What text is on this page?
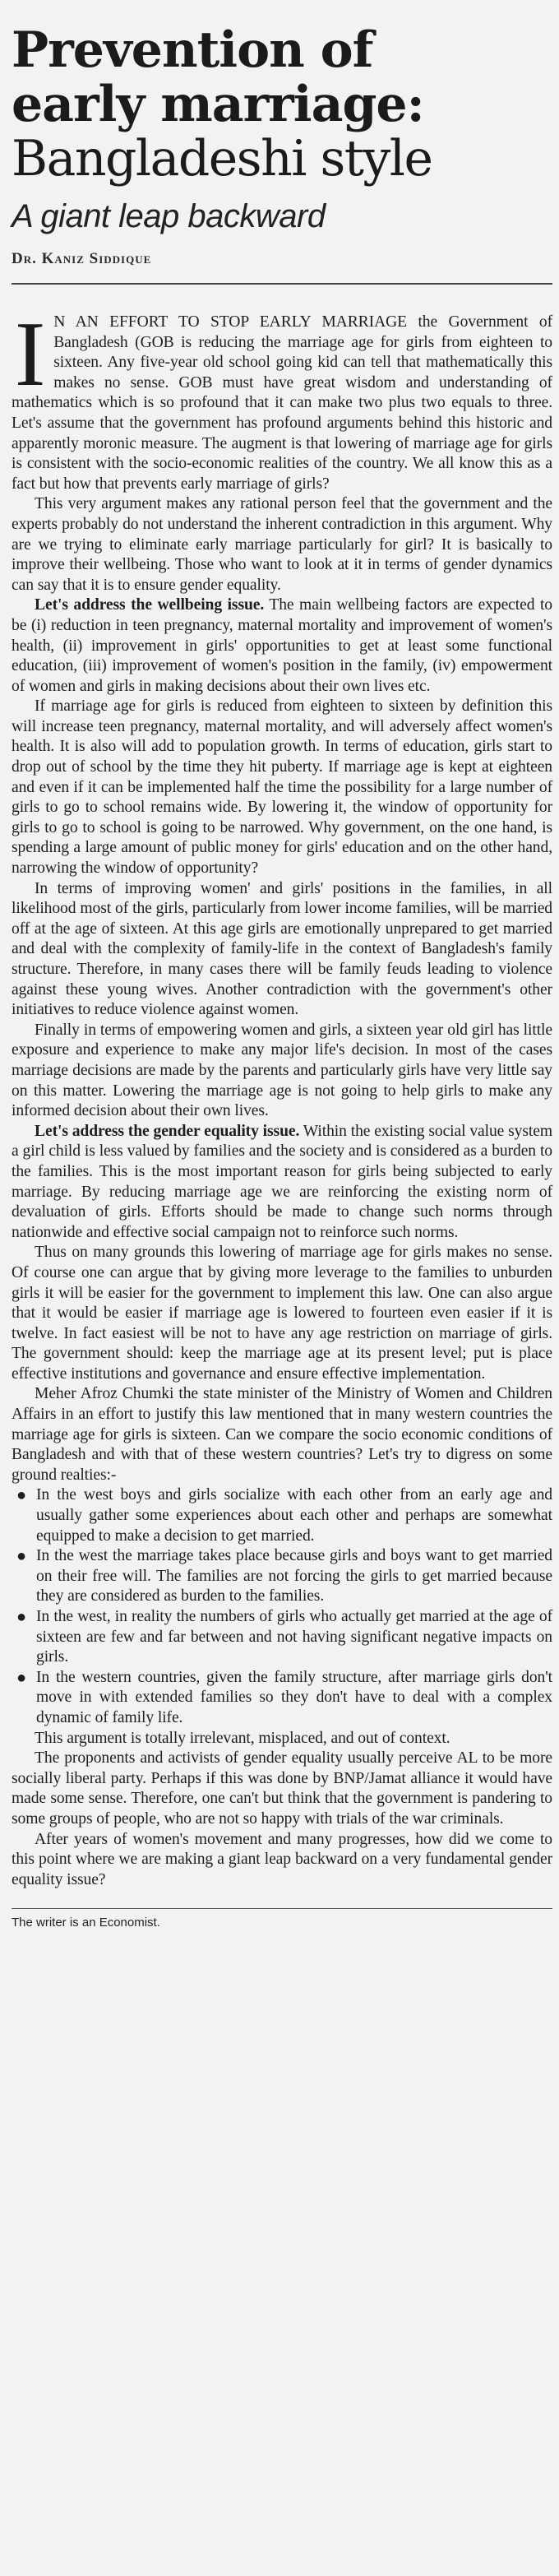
Prevention of
early marriage:
Bangladeshi style
A giant leap backward
Dr. Kaniz Siddique

IN AN EFFORT TO STOP EARLY MARRIAGE the Government of Bangladesh (GOB is reducing the marriage age for girls from eighteen to sixteen. Any five-year old school going kid can tell that mathematically this makes no sense. GOB must have great wisdom and understanding of mathematics which is so profound that it can make two plus two equals to three. Let's assume that the government has profound arguments behind this historic and apparently moronic measure. The augment is that lowering of marriage age for girls is consistent with the socio-economic realities of the country. We all know this as a fact but how that prevents early marriage of girls?

This very argument makes any rational person feel that the government and the experts probably do not understand the inherent contradiction in this argument. Why are we trying to eliminate early marriage particularly for girl? It is basically to improve their wellbeing. Those who want to look at it in terms of gender dynamics can say that it is to ensure gender equality.

Let's address the wellbeing issue. The main wellbeing factors are expected to be (i) reduction in teen pregnancy, maternal mortality and improvement of women's health, (ii) improvement in girls' opportunities to get at least some functional education, (iii) improvement of women's position in the family, (iv) empowerment of women and girls in making decisions about their own lives etc.

If marriage age for girls is reduced from eighteen to sixteen by definition this will increase teen pregnancy, maternal mortality, and will adversely affect women's health. It is also will add to population growth. In terms of education, girls start to drop out of school by the time they hit puberty. If marriage age is kept at eighteen and even if it can be implemented half the time the possibility for a large number of girls to go to school remains wide. By lowering it, the window of opportunity for girls to go to school is going to be narrowed. Why government, on the one hand, is spending a large amount of public money for girls' education and on the other hand, narrowing the window of opportunity?

In terms of improving women' and girls' positions in the families, in all likelihood most of the girls, particularly from lower income families, will be married off at the age of sixteen. At this age girls are emotionally unprepared to get married and deal with the complexity of family-life in the context of Bangladesh's family structure. Therefore, in many cases there will be family feuds leading to violence against these young wives. Another contradiction with the government's other initiatives to reduce violence against women.

Finally in terms of empowering women and girls, a sixteen year old girl has little exposure and experience to make any major life's decision. In most of the cases marriage decisions are made by the parents and particularly girls have very little say on this matter. Lowering the marriage age is not going to help girls to make any informed decision about their own lives.

Let's address the gender equality issue. Within the existing social value system a girl child is less valued by families and the society and is considered as a burden to the families. This is the most important reason for girls being subjected to early marriage. By reducing marriage age we are reinforcing the existing norm of devaluation of girls. Efforts should be made to change such norms through nationwide and effective social campaign not to reinforce such norms.

Thus on many grounds this lowering of marriage age for girls makes no sense. Of course one can argue that by giving more leverage to the families to unburden girls it will be easier for the government to implement this law. One can also argue that it would be easier if marriage age is lowered to fourteen even easier if it is twelve. In fact easiest will be not to have any age restriction on marriage of girls. The government should: keep the marriage age at its present level; put is place effective institutions and governance and ensure effective implementation.

Meher Afroz Chumki the state minister of the Ministry of Women and Children Affairs in an effort to justify this law mentioned that in many western countries the marriage age for girls is sixteen. Can we compare the socio economic conditions of Bangladesh and with that of these western countries? Let's try to digress on some ground realties:-

● In the west boys and girls socialize with each other from an early age and usually gather some experiences about each other and perhaps are somewhat equipped to make a decision to get married.
● In the west the marriage takes place because girls and boys want to get married on their free will. The families are not forcing the girls to get married because they are considered as burden to the families.
● In the west, in reality the numbers of girls who actually get married at the age of sixteen are few and far between and not having significant negative impacts on girls.
● In the western countries, given the family structure, after marriage girls don't move in with extended families so they don't have to deal with a complex dynamic of family life.

This argument is totally irrelevant, misplaced, and out of context.

The proponents and activists of gender equality usually perceive AL to be more socially liberal party. Perhaps if this was done by BNP/Jamat alliance it would have made some sense. Therefore, one can't but think that the government is pandering to some groups of people, who are not so happy with trials of the war criminals.

After years of women's movement and many progresses, how did we come to this point where we are making a giant leap backward on a very fundamental gender equality issue?

The writer is an Economist.
